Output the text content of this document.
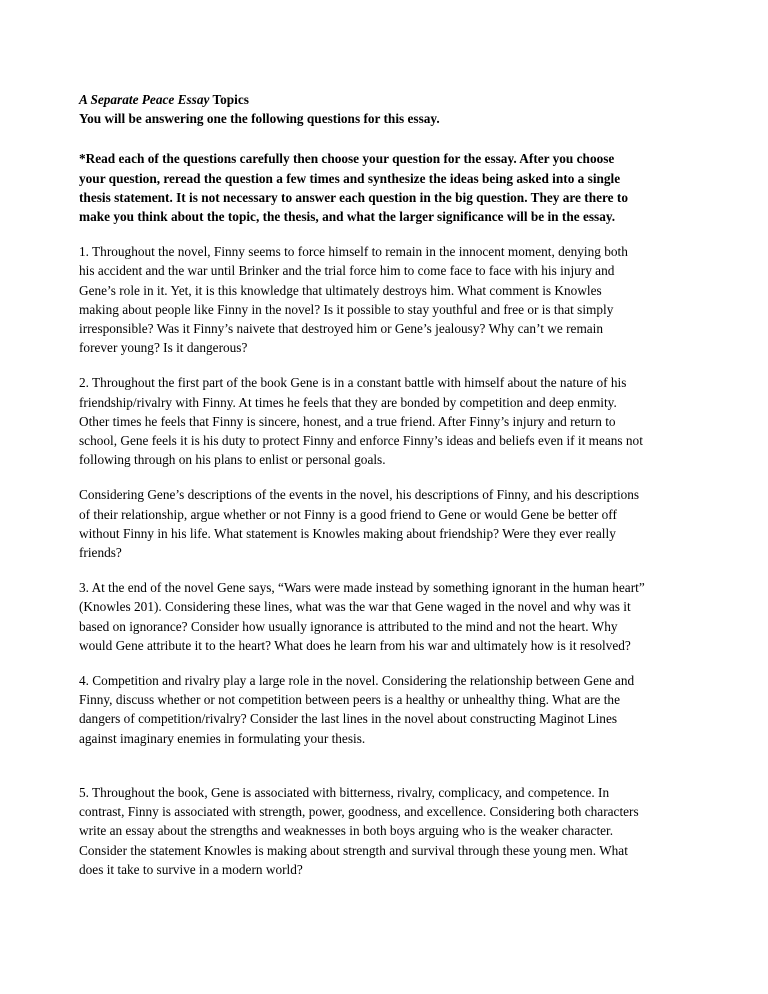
A Separate Peace Essay Topics
You will be answering one the following questions for this essay.
*Read each of the questions carefully then choose your question for the essay. After you choose
your question, reread the question a few times and synthesize the ideas being asked into a single
thesis statement. It is not necessary to answer each question in the big question. They are there to
make you think about the topic, the thesis, and what the larger significance will be in the essay.
1. Throughout the novel, Finny seems to force himself to remain in the innocent moment, denying both
his accident and the war until Brinker and the trial force him to come face to face with his injury and
Gene’s role in it. Yet, it is this knowledge that ultimately destroys him. What comment is Knowles
making about people like Finny in the novel? Is it possible to stay youthful and free or is that simply
irresponsible? Was it Finny’s naivete that destroyed him or Gene’s jealousy? Why can’t we remain
forever young? Is it dangerous?
2. Throughout the first part of the book Gene is in a constant battle with himself about the nature of his
friendship/rivalry with Finny. At times he feels that they are bonded by competition and deep enmity.
Other times he feels that Finny is sincere, honest, and a true friend. After Finny’s injury and return to
school, Gene feels it is his duty to protect Finny and enforce Finny’s ideas and beliefs even if it means not
following through on his plans to enlist or personal goals.
Considering Gene’s descriptions of the events in the novel, his descriptions of Finny, and his descriptions
of their relationship, argue whether or not Finny is a good friend to Gene or would Gene be better off
without Finny in his life. What statement is Knowles making about friendship? Were they ever really
friends?
3. At the end of the novel Gene says, “Wars were made instead by something ignorant in the human heart”
(Knowles 201). Considering these lines, what was the war that Gene waged in the novel and why was it
based on ignorance? Consider how usually ignorance is attributed to the mind and not the heart. Why
would Gene attribute it to the heart? What does he learn from his war and ultimately how is it resolved?
4. Competition and rivalry play a large role in the novel. Considering the relationship between Gene and
Finny, discuss whether or not competition between peers is a healthy or unhealthy thing. What are the
dangers of competition/rivalry? Consider the last lines in the novel about constructing Maginot Lines
against imaginary enemies in formulating your thesis.
5. Throughout the book, Gene is associated with bitterness, rivalry, complicacy, and competence. In
contrast, Finny is associated with strength, power, goodness, and excellence. Considering both characters
write an essay about the strengths and weaknesses in both boys arguing who is the weaker character.
Consider the statement Knowles is making about strength and survival through these young men. What
does it take to survive in a modern world?
